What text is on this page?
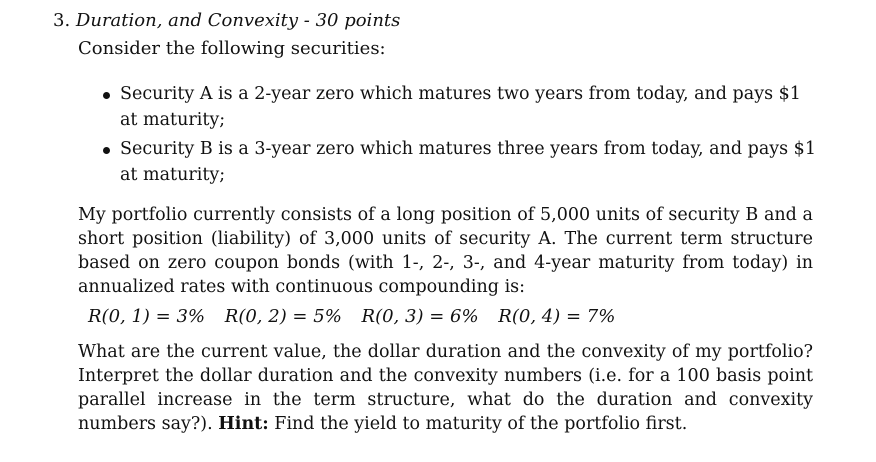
3. Duration, and Convexity - 30 points
Consider the following securities:
Security A is a 2-year zero which matures two years from today, and pays $1 at maturity;
Security B is a 3-year zero which matures three years from today, and pays $1 at maturity;

My portfolio currently consists of a long position of 5,000 units of security B and a short position (liability) of 3,000 units of security A. The current term structure based on zero coupon bonds (with 1-, 2-, 3-, and 4-year maturity from today) in annualized rates with continuous compounding is:

R(0, 1) = 3% R(0, 2) = 5% R(0, 3) = 6% R(0, 4) = 7%

What are the current value, the dollar duration and the convexity of my portfolio? Interpret the dollar duration and the convexity numbers (i.e. for a 100 basis point parallel increase in the term structure, what do the duration and convexity numbers say?). Hint: Find the yield to maturity of the portfolio first.
